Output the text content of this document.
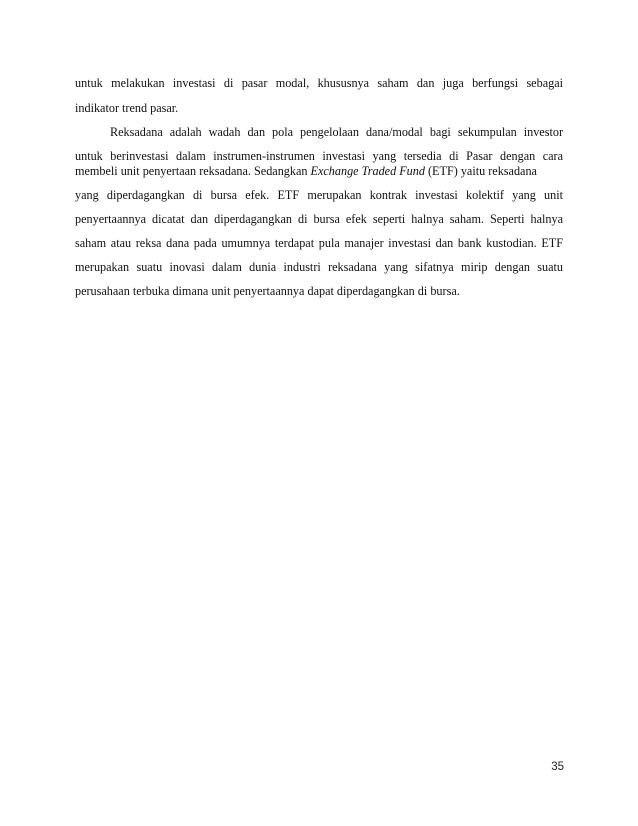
untuk melakukan investasi di pasar modal, khususnya saham dan juga berfungsi sebagai
indikator trend pasar.
Reksadana adalah wadah dan pola pengelolaan dana/modal bagi sekumpulan investor
untuk berinvestasi dalam instrumen-instrumen investasi yang tersedia di Pasar dengan cara
membeli unit penyertaan reksadana. Sedangkan Exchange Traded Fund (ETF) yaitu reksadana
yang diperdagangkan di bursa efek. ETF merupakan kontrak investasi kolektif yang unit
penyertaannya dicatat dan diperdagangkan di bursa efek seperti halnya saham. Seperti halnya
saham atau reksa dana pada umumnya terdapat pula manajer investasi dan bank kustodian. ETF
merupakan suatu inovasi dalam dunia industri reksadana yang sifatnya mirip dengan suatu
perusahaan terbuka dimana unit penyertaannya dapat diperdagangkan di bursa.
35
